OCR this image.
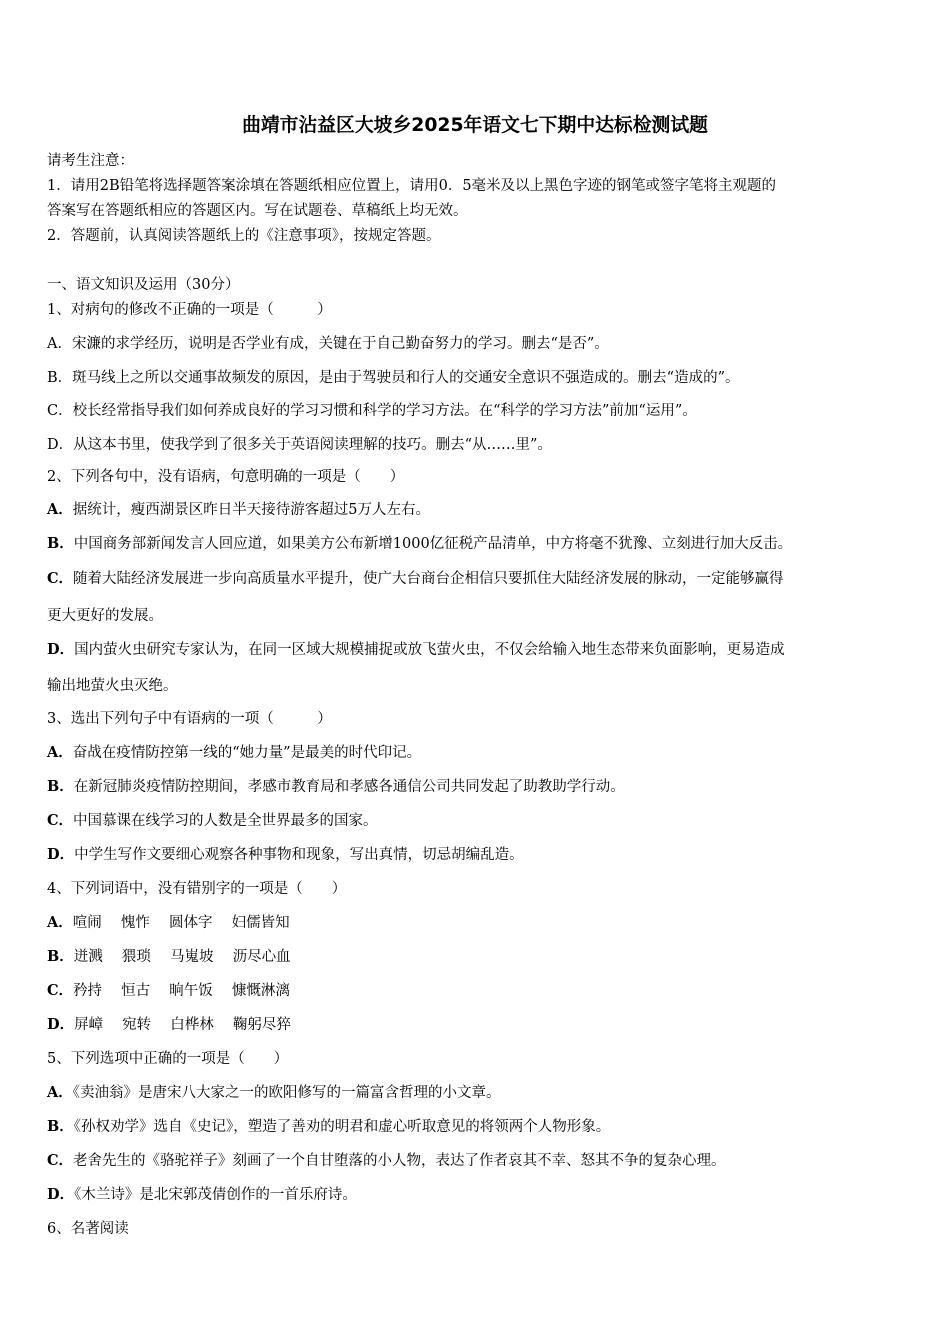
曲靖市沾益区大坡乡2025年语文七下期中达标检测试题
请考生注意：
1．请用2B铅笔将选择题答案涂填在答题纸相应位置上，请用0．5毫米及以上黑色字迹的钢笔或签字笔将主观题的
答案写在答题纸相应的答题区内。写在试题卷、草稿纸上均无效。
2．答题前，认真阅读答题纸上的《注意事项》，按规定答题。
一、语文知识及运用（30分）
1、对病句的修改不正确的一项是（　　　）
A．宋濂的求学经历，说明是否学业有成，关键在于自己勤奋努力的学习。删去“是否”。
B．斑马线上之所以交通事故频发的原因，是由于驾驶员和行人的交通安全意识不强造成的。删去“造成的”。
C．校长经常指导我们如何养成良好的学习习惯和科学的学习方法。在“科学的学习方法”前加“运用”。
D．从这本书里，使我学到了很多关于英语阅读理解的技巧。删去“从……里”。
2、下列各句中，没有语病，句意明确的一项是（　　）
A．据统计，瘦西湖景区昨日半天接待游客超过5万人左右。
B．中国商务部新闻发言人回应道，如果美方公布新增1000亿征税产品清单，中方将毫不犹豫、立刻进行加大反击。
C．随着大陆经济发展进一步向高质量水平提升，使广大台商台企相信只要抓住大陆经济发展的脉动，一定能够赢得
更大更好的发展。
D．国内萤火虫研究专家认为，在同一区域大规模捕捉或放飞萤火虫，不仅会给输入地生态带来负面影响，更易造成
输出地萤火虫灭绝。
3、选出下列句子中有语病的一项（　　　）
A．奋战在疫情防控第一线的“她力量”是最美的时代印记。
B．在新冠肺炎疫情防控期间，孝感市教育局和孝感各通信公司共同发起了助教助学行动。
C．中国慕课在线学习的人数是全世界最多的国家。
D．中学生写作文要细心观察各种事物和现象，写出真情，切忌胡编乱造。
4、下列词语中，没有错别字的一项是（　　）
A．喧闹　 愧怍　 圆体字　 妇儒皆知
B．迸溅　 猥琐　 马嵬坡　 沥尽心血
C．矜持　 恒古　 晌午饭　 慷慨淋漓
D．屏嶂　 宛转　 白桦林　 鞠躬尽猝
5、下列选项中正确的一项是（　　）
A．《卖油翁》是唐宋八大家之一的欧阳修写的一篇富含哲理的小文章。
B．《孙权劝学》选自《史记》，塑造了善劝的明君和虚心听取意见的将领两个人物形象。
C．老舍先生的《骆驼祥子》刻画了一个自甘堕落的小人物，表达了作者哀其不幸、怒其不争的复杂心理。
D．《木兰诗》是北宋郭茂倩创作的一首乐府诗。
6、名著阅读
